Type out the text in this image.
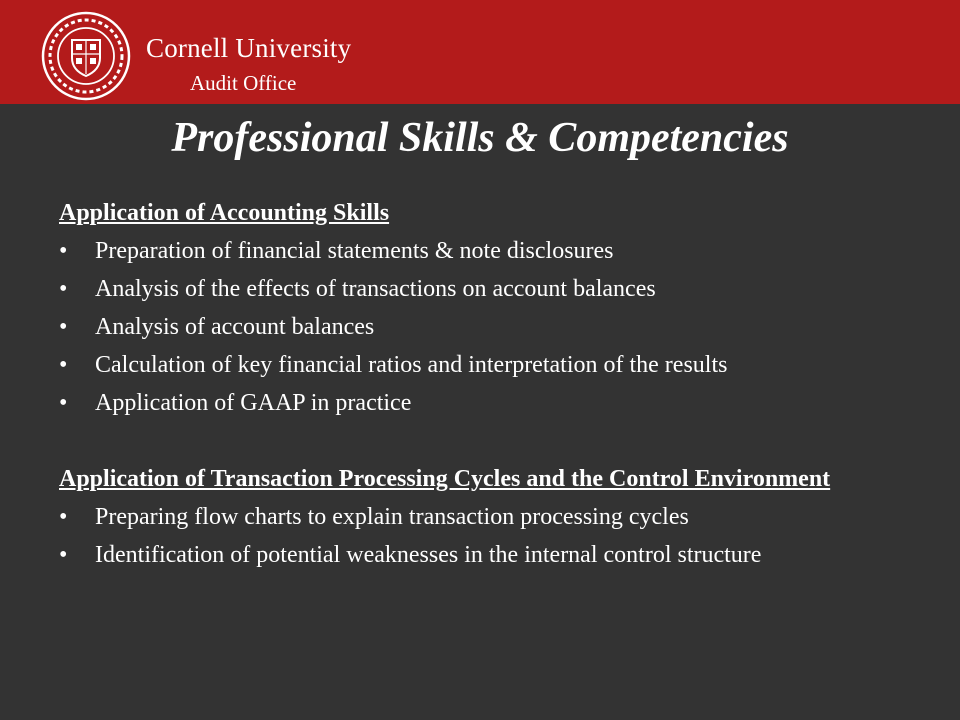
Cornell University
Audit Office
Professional Skills & Competencies
Application of Accounting Skills
•	Preparation of financial statements & note disclosures
•	Analysis of the effects of transactions on account balances
•	Analysis of account balances
•	Calculation of key financial ratios and interpretation of the results
•	Application of GAAP in practice
Application of Transaction Processing Cycles and the Control Environment
•	Preparing flow charts to explain transaction processing cycles
•	Identification of potential weaknesses in the internal control structure
